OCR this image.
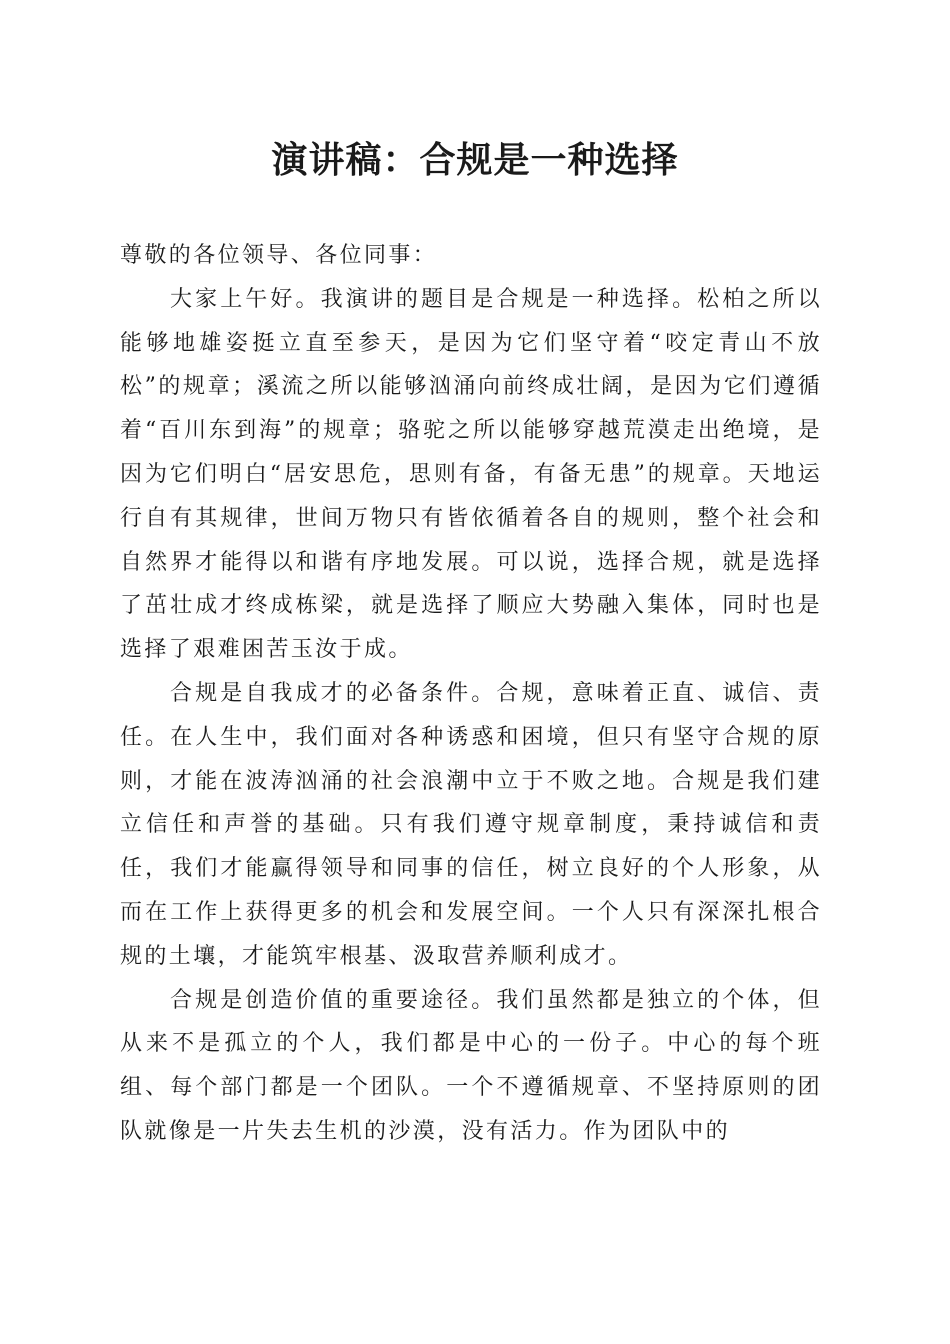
演讲稿：合规是一种选择

尊敬的各位领导、各位同事：

大家上午好。我演讲的题目是合规是一种选择。松柏之所以能够地雄姿挺立直至参天，是因为它们坚守着“咬定青山不放松”的规章；溪流之所以能够汹涌向前终成壮阔，是因为它们遵循着“百川东到海”的规章；骆驼之所以能够穿越荒漠走出绝境，是因为它们明白“居安思危，思则有备，有备无患”的规章。天地运行自有其规律，世间万物只有皆依循着各自的规则，整个社会和自然界才能得以和谐有序地发展。可以说，选择合规，就是选择了茁壮成才终成栋梁，就是选择了顺应大势融入集体，同时也是选择了艰难困苦玉汝于成。

合规是自我成才的必备条件。合规，意味着正直、诚信、责任。在人生中，我们面对各种诱惑和困境，但只有坚守合规的原则，才能在波涛汹涌的社会浪潮中立于不败之地。合规是我们建立信任和声誉的基础。只有我们遵守规章制度，秉持诚信和责任，我们才能赢得领导和同事的信任，树立良好的个人形象，从而在工作上获得更多的机会和发展空间。一个人只有深深扎根合规的土壤，才能筑牢根基、汲取营养顺利成才。

合规是创造价值的重要途径。我们虽然都是独立的个体，但从来不是孤立的个人，我们都是中心的一份子。中心的每个班组、每个部门都是一个团队。一个不遵循规章、不坚持原则的团队就像是一片失去生机的沙漠，没有活力。作为团队中的
